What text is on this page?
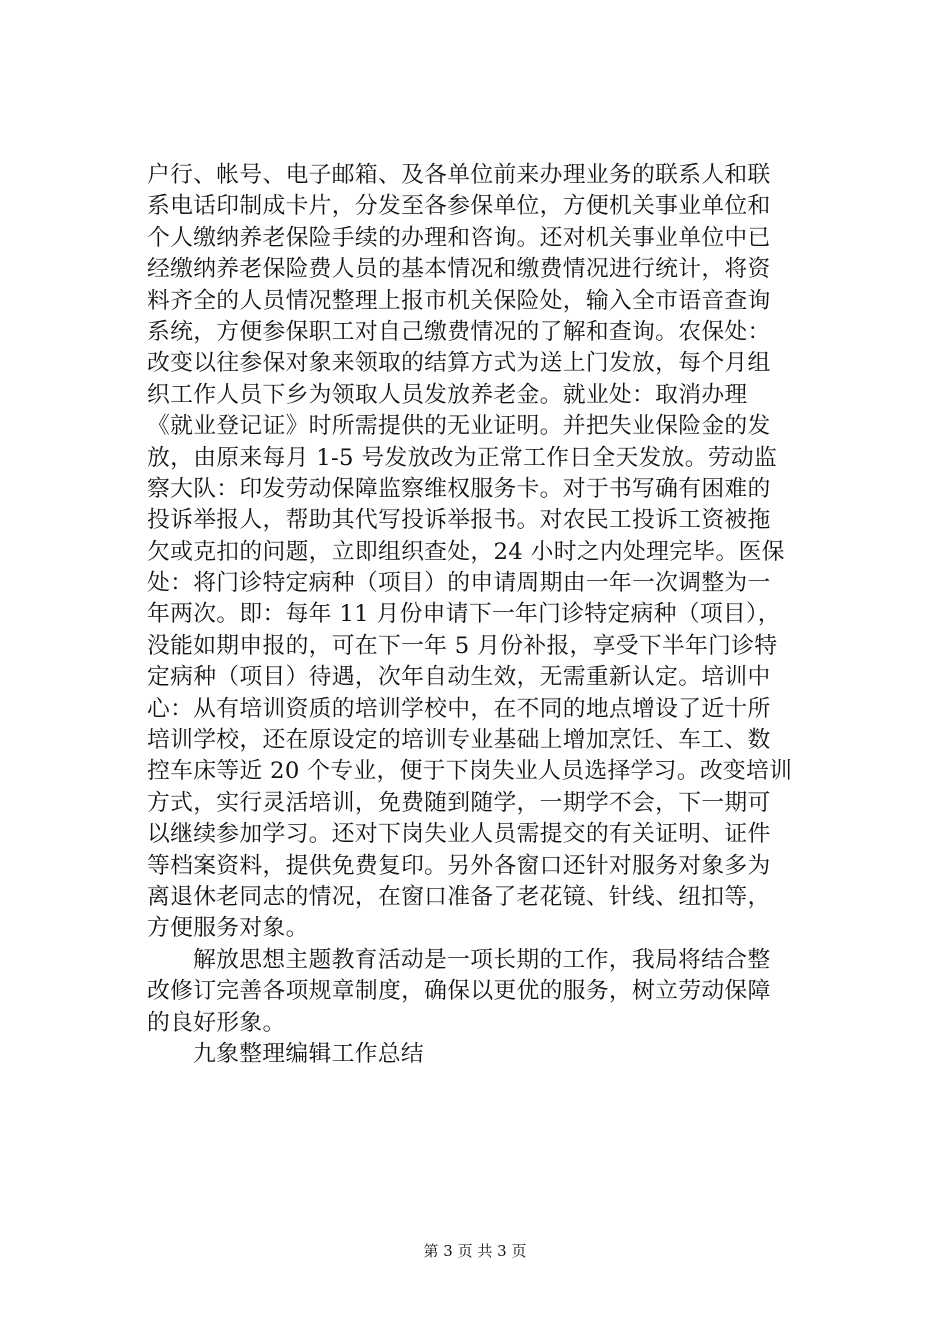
户行、帐号、电子邮箱、及各单位前来办理业务的联系人和联
系电话印制成卡片，分发至各参保单位，方便机关事业单位和
个人缴纳养老保险手续的办理和咨询。还对机关事业单位中已
经缴纳养老保险费人员的基本情况和缴费情况进行统计，将资
料齐全的人员情况整理上报市机关保险处，输入全市语音查询
系统，方便参保职工对自己缴费情况的了解和查询。农保处：
改变以往参保对象来领取的结算方式为送上门发放，每个月组
织工作人员下乡为领取人员发放养老金。就业处：取消办理
《就业登记证》时所需提供的无业证明。并把失业保险金的发
放，由原来每月 1-5 号发放改为正常工作日全天发放。劳动监
察大队：印发劳动保障监察维权服务卡。对于书写确有困难的
投诉举报人，帮助其代写投诉举报书。对农民工投诉工资被拖
欠或克扣的问题，立即组织查处，24 小时之内处理完毕。医保
处：将门诊特定病种（项目）的申请周期由一年一次调整为一
年两次。即：每年 11 月份申请下一年门诊特定病种（项目），
没能如期申报的，可在下一年 5 月份补报，享受下半年门诊特
定病种（项目）待遇，次年自动生效，无需重新认定。培训中
心：从有培训资质的培训学校中，在不同的地点增设了近十所
培训学校，还在原设定的培训专业基础上增加烹饪、车工、数
控车床等近 20 个专业，便于下岗失业人员选择学习。改变培训
方式，实行灵活培训，免费随到随学，一期学不会，下一期可
以继续参加学习。还对下岗失业人员需提交的有关证明、证件
等档案资料，提供免费复印。另外各窗口还针对服务对象多为
离退休老同志的情况，在窗口准备了老花镜、针线、纽扣等，
方便服务对象。
解放思想主题教育活动是一项长期的工作，我局将结合整
改修订完善各项规章制度，确保以更优的服务，树立劳动保障
的良好形象。
九象整理编辑工作总结
第 3 页 共 3 页
